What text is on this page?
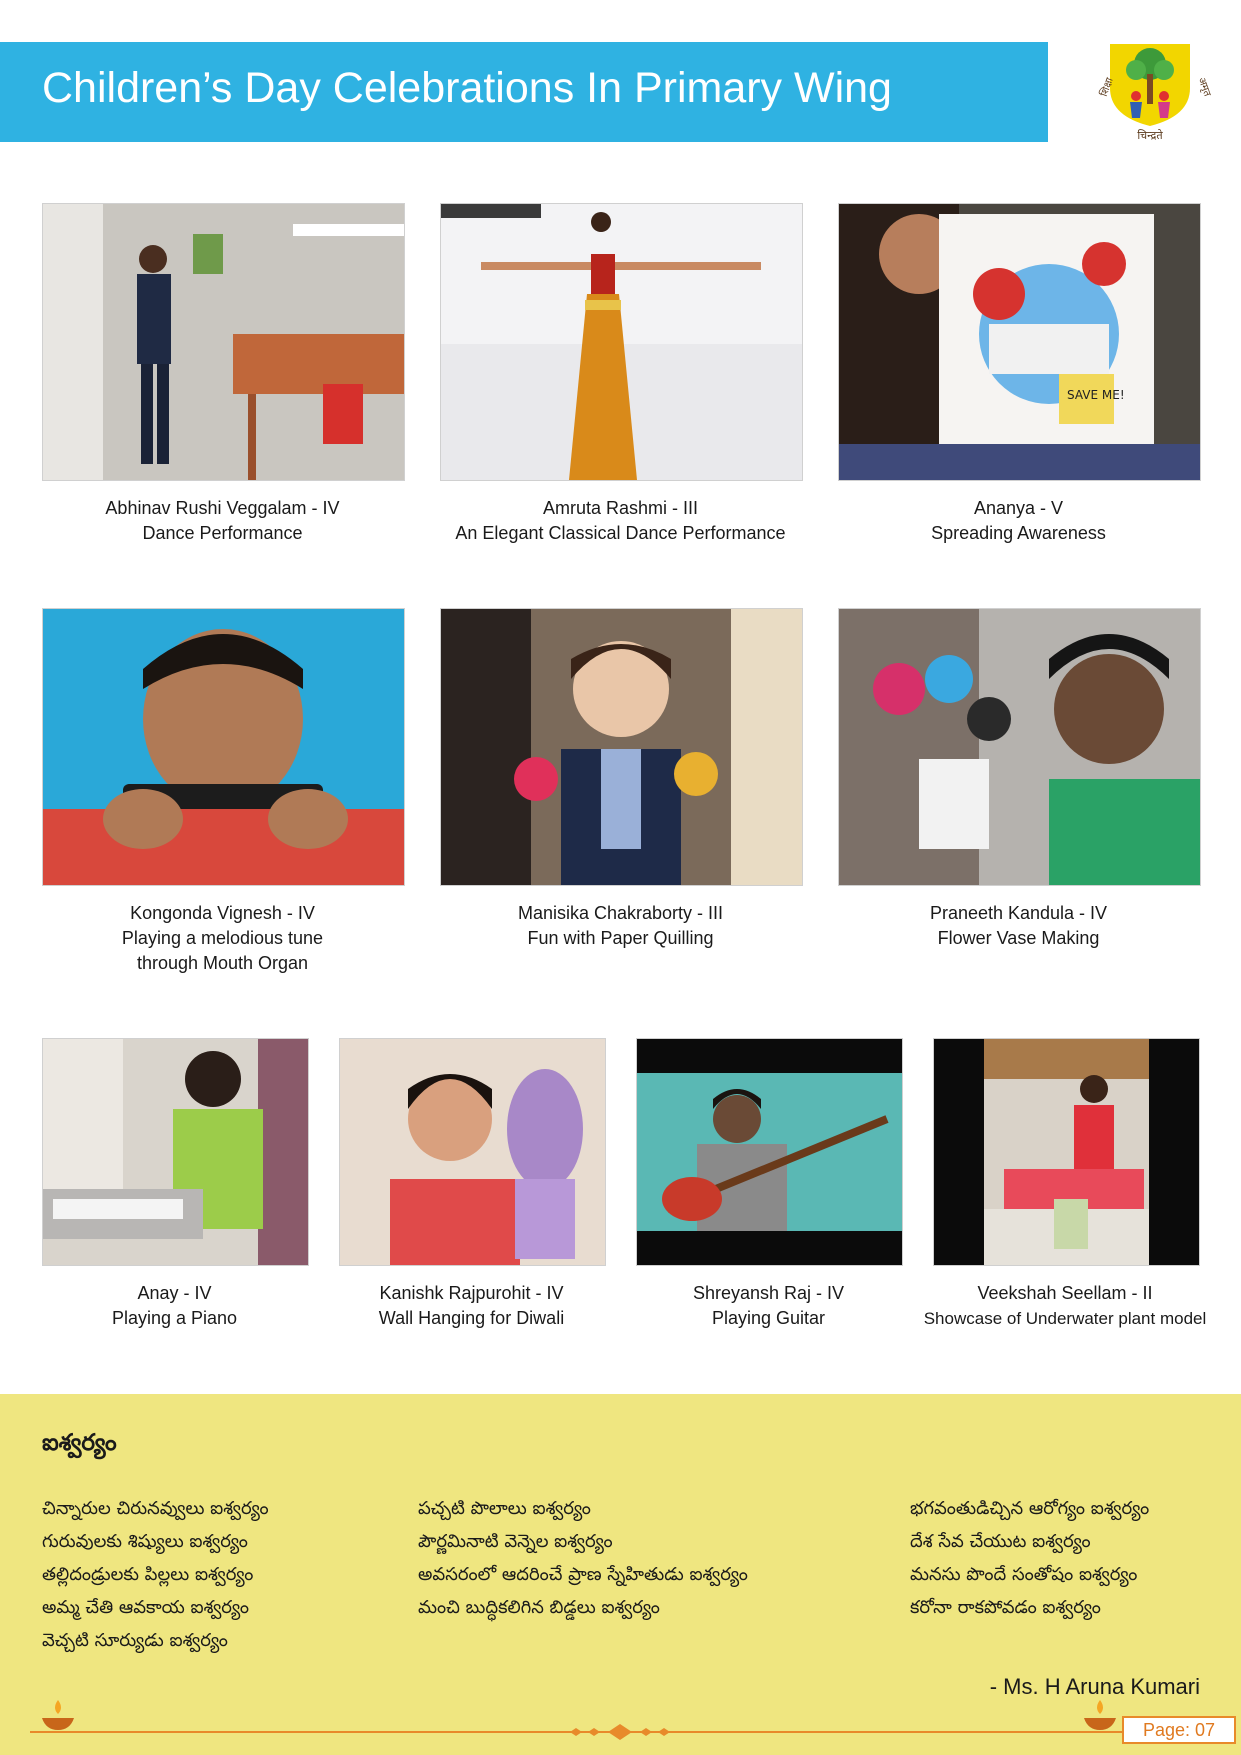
Children’s Day Celebrations In Primary Wing	शिक्षा	अमृत
चिन्द्रते
SAVE ME!
Abhinav Rushi Veggalam - IV
Dance Performance
Amruta Rashmi - III
An Elegant Classical Dance Performance
Ananya - V
Spreading Awareness
Kongonda Vignesh - IV
Playing a melodious tune
through Mouth Organ
Manisika Chakraborty - III
Fun with Paper Quilling
Praneeth Kandula - IV
Flower Vase Making
Anay - IV
Playing a Piano
Kanishk Rajpurohit - IV
Wall Hanging for Diwali
Shreyansh Raj - IV
Playing Guitar
Veekshah Seellam - II
Showcase of Underwater plant model
ఐశ్వర్యం
చిన్నారుల చిరునవ్వులు ఐశ్వర్యం
గురువులకు శిష్యులు ఐశ్వర్యం
తల్లిదండ్రులకు పిల్లలు ఐశ్వర్యం
అమ్మ చేతి ఆవకాయ ఐశ్వర్యం
వెచ్చటి సూర్యుడు ఐశ్వర్యం
పచ్చటి పొలాలు ఐశ్వర్యం
పౌర్ణమినాటి వెన్నెల ఐశ్వర్యం
అవసరంలో ఆదరించే ప్రాణ స్నేహితుడు ఐశ్వర్యం
మంచి బుద్ధికలిగిన బిడ్డలు ఐశ్వర్యం
భగవంతుడిచ్చిన ఆరోగ్యం ఐశ్వర్యం
దేశ సేవ చేయుట ఐశ్వర్యం
మనసు పొందే సంతోషం ఐశ్వర్యం
కరోనా రాకపోవడం ఐశ్వర్యం
- Ms. H Aruna Kumari
Page: 07
